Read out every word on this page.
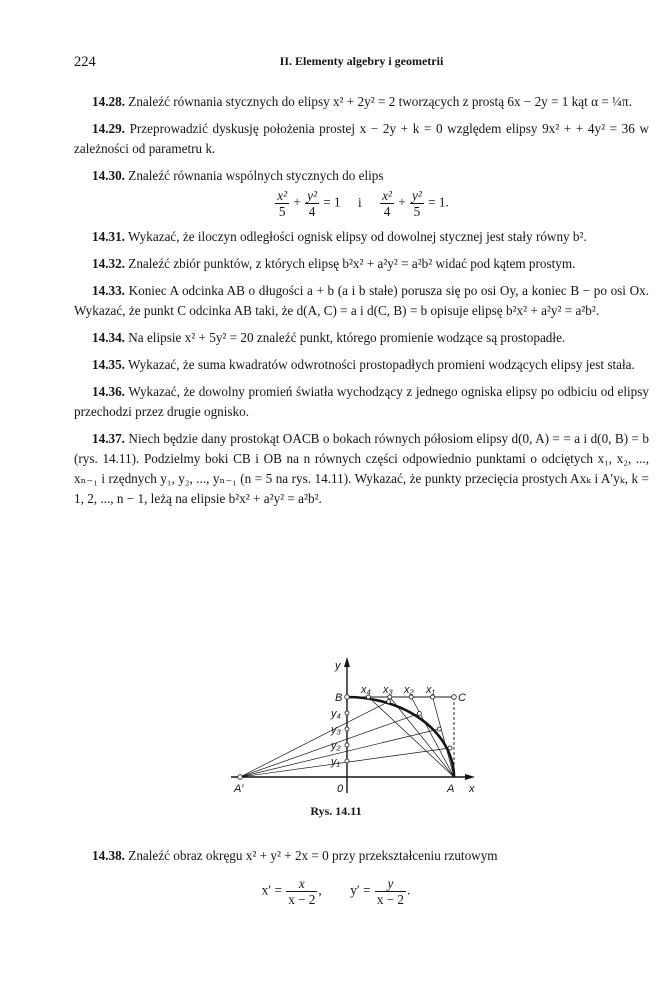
224	II. Elementy algebry i geometrii

14.28. Znaleźć równania stycznych do elipsy x² + 2y² = 2 tworzących z prostą 6x − 2y = 1 kąt α = ¼π.

14.29. Przeprowadzić dyskusję położenia prostej x − 2y + k = 0 względem elipsy 9x² + + 4y² = 36 w zależności od parametru k.

14.30. Znaleźć równania wspólnych stycznych do elips

$\frac{\text{x²}}{5} + \frac{\text{y²}}{4} = 1$ i $\frac{\text{x²}}{4} + \frac{\text{y²}}{5} = 1$.

14.31. Wykazać, że iloczyn odległości ognisk elipsy od dowolnej stycznej jest stały równy b².

14.32. Znaleźć zbiór punktów, z których elipsę b²x² + a²y² = a²b² widać pod kątem prostym.

14.33. Koniec A odcinka AB o długości a + b (a i b stałe) porusza się po osi Oy, a koniec B − po osi Ox. Wykazać, że punkt C odcinka AB taki, że d(A, C) = a i d(C, B) = b opisuje elipsę b²x² + a²y² = a²b².

14.34. Na elipsie x² + 5y² = 20 znaleźć punkt, którego promienie wodzące są prostopadłe.

14.35. Wykazać, że suma kwadratów odwrotności prostopadłych promieni wodzących elipsy jest stała.

14.36. Wykazać, że dowolny promień światła wychodzący z jednego ogniska elipsy po odbiciu od elipsy przechodzi przez drugie ognisko.

14.37. Niech będzie dany prostokąt OACB o bokach równych półosiom elipsy d(0, A) = = a i d(0, B) = b (rys. 14.11). Podzielmy boki CB i OB na n równych części odpowiednio punktami o odciętych x₁, x₂, ..., xₙ₋₁ i rzędnych y₁, y₂, ..., yₙ₋₁ (n = 5 na rys. 14.11). Wykazać, że punkty przecięcia prostych Axₖ i A′yₖ, k = 1, 2, ..., n − 1, leżą na elipsie b²x² + a²y² = a²b².

y
B	C
x₄ x₃ x₂ x₁
y₄
y₃
y₂
y₁
A′	0	A x
Rys. 14.11

14.38. Znaleźć obraz okręgu x² + y² + 2x = 0 przy przekształceniu rzutowym

$x' = \frac{x}{x - 2}$ , $y' = \frac{y}{x - 2}$ .
